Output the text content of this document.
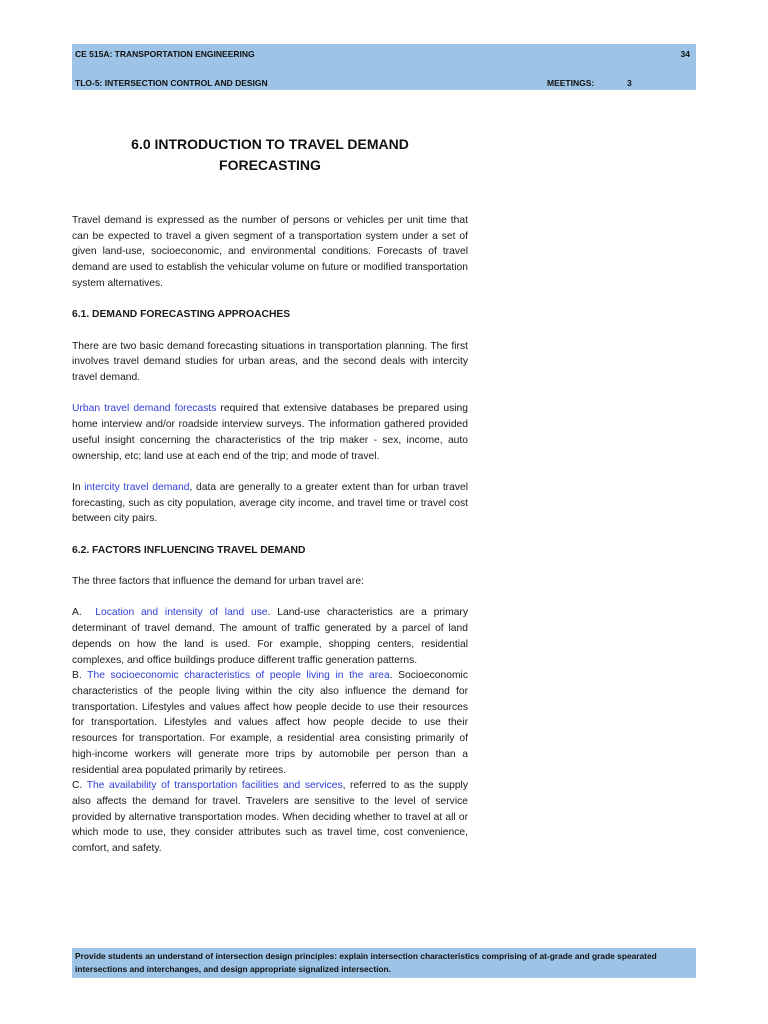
CE 515A: TRANSPORTATION ENGINEERING	34
TLO-5: INTERSECTION CONTROL AND DESIGN	MEETINGS:	3
6.0 INTRODUCTION TO TRAVEL DEMAND
FORECASTING

Travel demand is expressed as the number of persons or vehicles per unit time that can be expected to travel a given segment of a transportation system under a set of given land-use, socioeconomic, and environmental conditions. Forecasts of travel demand are used to establish the vehicular volume on future or modified transportation system alternatives.

6.1. DEMAND FORECASTING APPROACHES

There are two basic demand forecasting situations in transportation planning. The first involves travel demand studies for urban areas, and the second deals with intercity travel demand.

Urban travel demand forecasts required that extensive databases be prepared using home interview and/or roadside interview surveys. The information gathered provided useful insight concerning the characteristics of the trip maker - sex, income, auto ownership, etc; land use at each end of the trip; and mode of travel.

In intercity travel demand, data are generally to a greater extent than for urban travel forecasting, such as city population, average city income, and travel time or travel cost between city pairs.

6.2. FACTORS INFLUENCING TRAVEL DEMAND

The three factors that influence the demand for urban travel are:

A. Location and intensity of land use. Land-use characteristics are a primary determinant of travel demand. The amount of traffic generated by a parcel of land depends on how the land is used. For example, shopping centers, residential complexes, and office buildings produce different traffic generation patterns.

B. The socioeconomic characteristics of people living in the area. Socioeconomic characteristics of the people living within the city also influence the demand for transportation. Lifestyles and values affect how people decide to use their resources for transportation. Lifestyles and values affect how people decide to use their resources for transportation. For example, a residential area consisting primarily of high-income workers will generate more trips by automobile per person than a residential area populated primarily by retirees.

C. The availability of transportation facilities and services, referred to as the supply also affects the demand for travel. Travelers are sensitive to the level of service provided by alternative transportation modes. When deciding whether to travel at all or which mode to use, they consider attributes such as travel time, cost convenience, comfort, and safety.

Provide students an understand of intersection design principles: explain intersection characteristics comprising of at-grade and grade spearated intersections and interchanges, and design appropriate signalized intersection.
